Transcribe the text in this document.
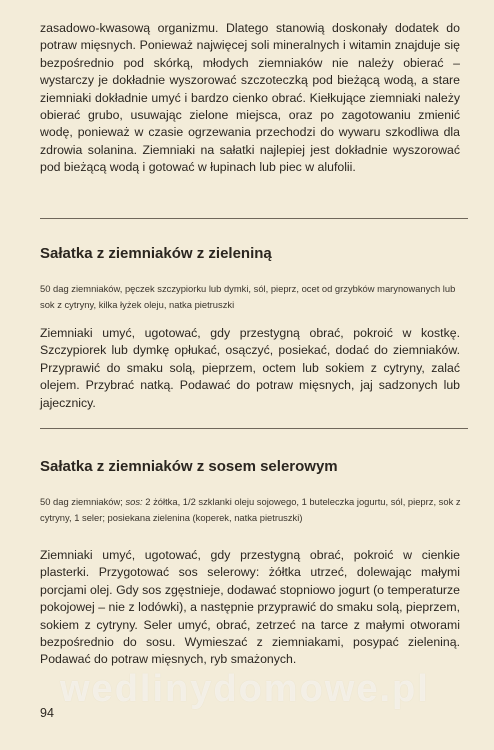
zasadowo-kwasową organizmu. Dlatego stanowią doskonały dodatek do potraw mięsnych. Ponieważ najwięcej soli mineralnych i witamin znajduje się bezpośrednio pod skórką, młodych ziemniaków nie należy obierać – wystarczy je dokładnie wyszorować szczoteczką pod bieżącą wodą, a stare ziemniaki dokładnie umyć i bardzo cienko obrać. Kiełkujące ziemniaki należy obierać grubo, usuwając zielone miejsca, oraz po zagotowaniu zmienić wodę, ponieważ w czasie ogrzewania przechodzi do wywaru szkodliwa dla zdrowia solanina. Ziemniaki na sałatki najlepiej jest dokładnie wyszorować pod bieżącą wodą i gotować w łupinach lub piec w alufolii.

Sałatka z ziemniaków z zieleniną

50 dag ziemniaków, pęczek szczypiorku lub dymki, sól, pieprz, ocet od grzybków marynowanych lub sok z cytryny, kilka łyżek oleju, natka pietruszki

Ziemniaki umyć, ugotować, gdy przestygną obrać, pokroić w kostkę. Szczypiorek lub dymkę opłukać, osączyć, posiekać, dodać do ziemniaków. Przyprawić do smaku solą, pieprzem, octem lub sokiem z cytryny, zalać olejem. Przybrać natką. Podawać do potraw mięsnych, jaj sadzonych lub jajecznicy.

Sałatka z ziemniaków z sosem selerowym

50 dag ziemniaków; sos: 2 żółtka, 1/2 szklanki oleju sojowego, 1 buteleczka jogurtu, sól, pieprz, sok z cytryny, 1 seler; posiekana zielenina (koperek, natka pietruszki)

Ziemniaki umyć, ugotować, gdy przestygną obrać, pokroić w cienkie plasterki. Przygotować sos selerowy: żółtka utrzeć, dolewając małymi porcjami olej. Gdy sos zgęstnieje, dodawać stopniowo jogurt (o temperaturze pokojowej – nie z lodówki), a następnie przyprawić do smaku solą, pieprzem, sokiem z cytryny. Seler umyć, obrać, zetrzeć na tarce z małymi otworami bezpośrednio do sosu. Wymieszać z ziemniakami, posypać zieleniną. Podawać do potraw mięsnych, ryb smażonych.

wedlinydomowe.pl

94
